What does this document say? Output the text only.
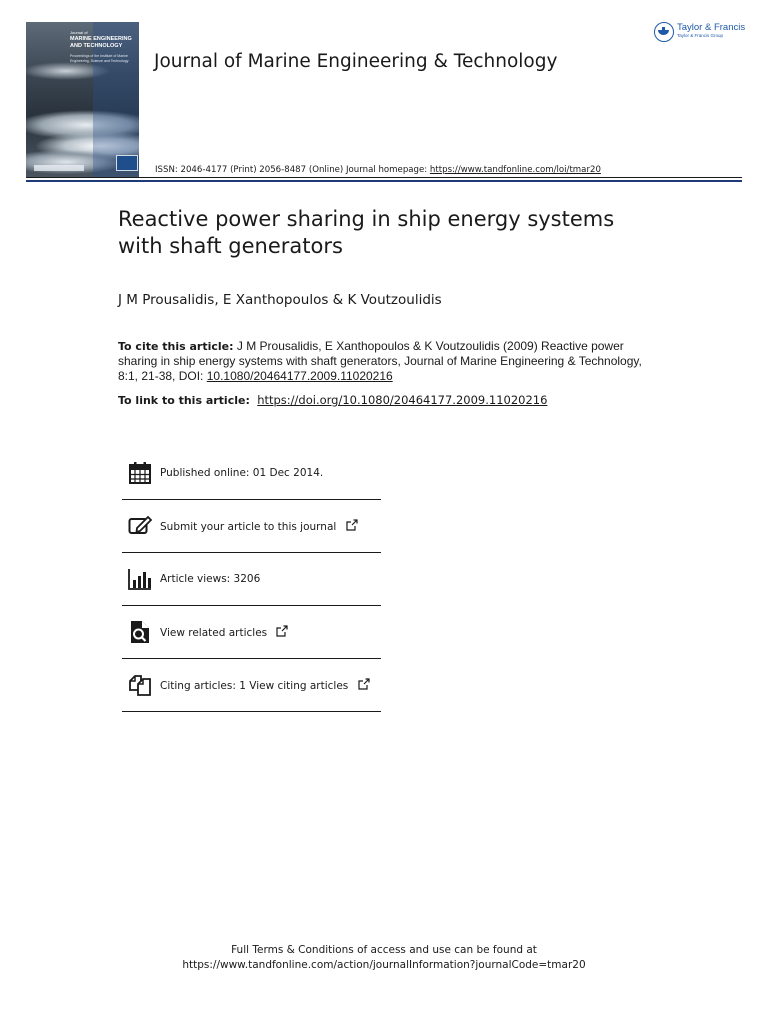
Journal of
MARINE ENGINEERING AND TECHNOLOGY
Proceedings of the Institute of Marine Engineering, Science and Technology	Journal of Marine Engineering & Technology
Taylor & Francis
Taylor & Francis Group
ISSN: 2046-4177 (Print) 2056-8487 (Online) Journal homepage: https://www.tandfonline.com/loi/tmar20
Reactive power sharing in ship energy systems with shaft generators
J M Prousalidis, E Xanthopoulos & K Voutzoulidis
To cite this article: J M Prousalidis, E Xanthopoulos & K Voutzoulidis (2009) Reactive power sharing in ship energy systems with shaft generators, Journal of Marine Engineering & Technology, 8:1, 21-38, DOI: 10.1080/20464177.2009.11020216
To link to this article: https://doi.org/10.1080/20464177.2009.11020216
Published online: 01 Dec 2014.
Submit your article to this journal
Article views: 3206
View related articles
Citing articles: 1 View citing articles
Full Terms & Conditions of access and use can be found at
https://www.tandfonline.com/action/journalInformation?journalCode=tmar20
